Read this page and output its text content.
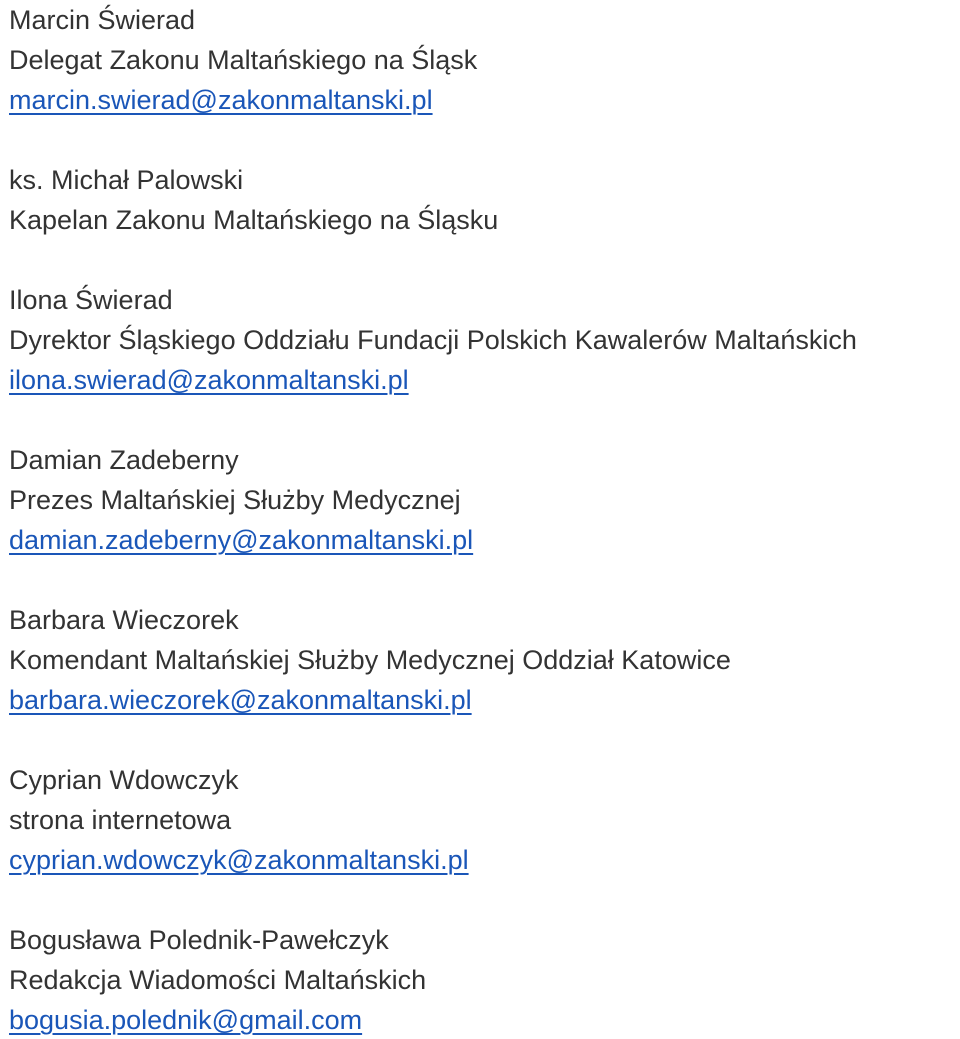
Marcin Świerad
Delegat Zakonu Maltańskiego na Śląsk
marcin.swierad@zakonmaltanski.pl
ks. Michał Palowski
Kapelan Zakonu Maltańskiego na Śląsku
Ilona Świerad
Dyrektor Śląskiego Oddziału Fundacji Polskich Kawalerów Maltańskich
ilona.swierad@zakonmaltanski.pl
Damian Zadeberny
Prezes Maltańskiej Służby Medycznej
damian.zadeberny@zakonmaltanski.pl
Barbara Wieczorek
Komendant Maltańskiej Służby Medycznej Oddział Katowice
barbara.wieczorek@zakonmaltanski.pl
Cyprian Wdowczyk
strona internetowa
cyprian.wdowczyk@zakonmaltanski.pl
Bogusława Polednik-Pawełczyk
Redakcja Wiadomości Maltańskich
bogusia.polednik@gmail.com
